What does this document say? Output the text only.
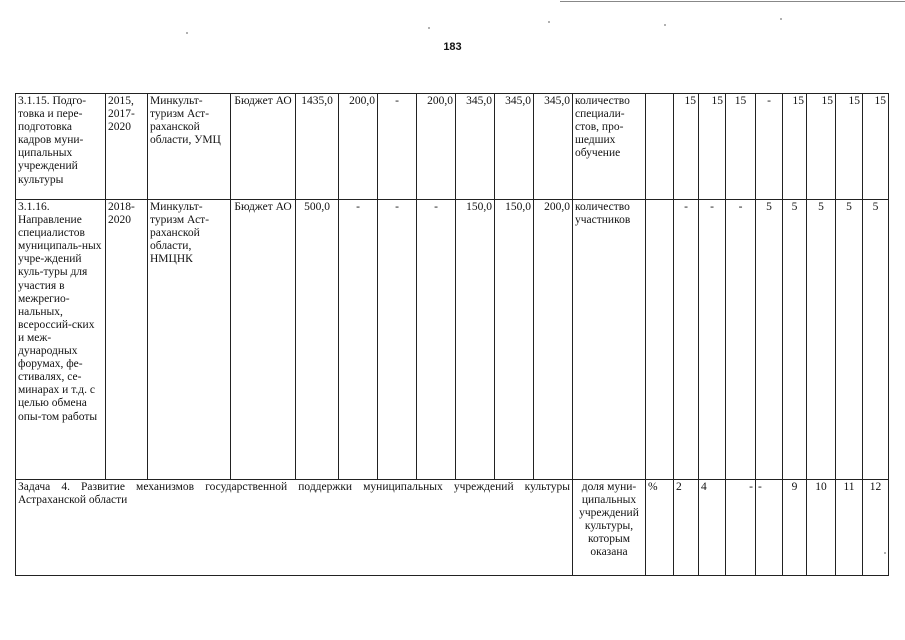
183
3.1.15. Подго-товка и пере-подготовка кадров муни-ципальных учреждений культуры	2015, 2017-2020	Минкульт-туризм Аст-раханской области, УМЦ	Бюджет АО	1435,0	200,0	-	200,0	345,0	345,0	345,0	количество специали-стов, про-шедших обучение		15	15	15	-	15	15	15	15
3.1.16. Направление специалистов муниципаль-ных учре-ждений куль-туры для участия в межрегио-нальных, всероссий-ских и меж-дународных форумах, фе-стивалях, се-минарах и т.д. с целью обмена опы-том работы	2018-2020	Минкульт-туризм Аст-раханской области, НМЦНК	Бюджет АО	500,0	-	-	-	150,0	150,0	200,0	количество участников		-	-	-	5	5	5	5	5
Задача 4. Развитие механизмов государственной поддержки муниципальных учреждений культуры Астраханской области											доля муни-ципальных учреждений культуры, которым оказана	%	2	4	-	-	9	10	11	12
